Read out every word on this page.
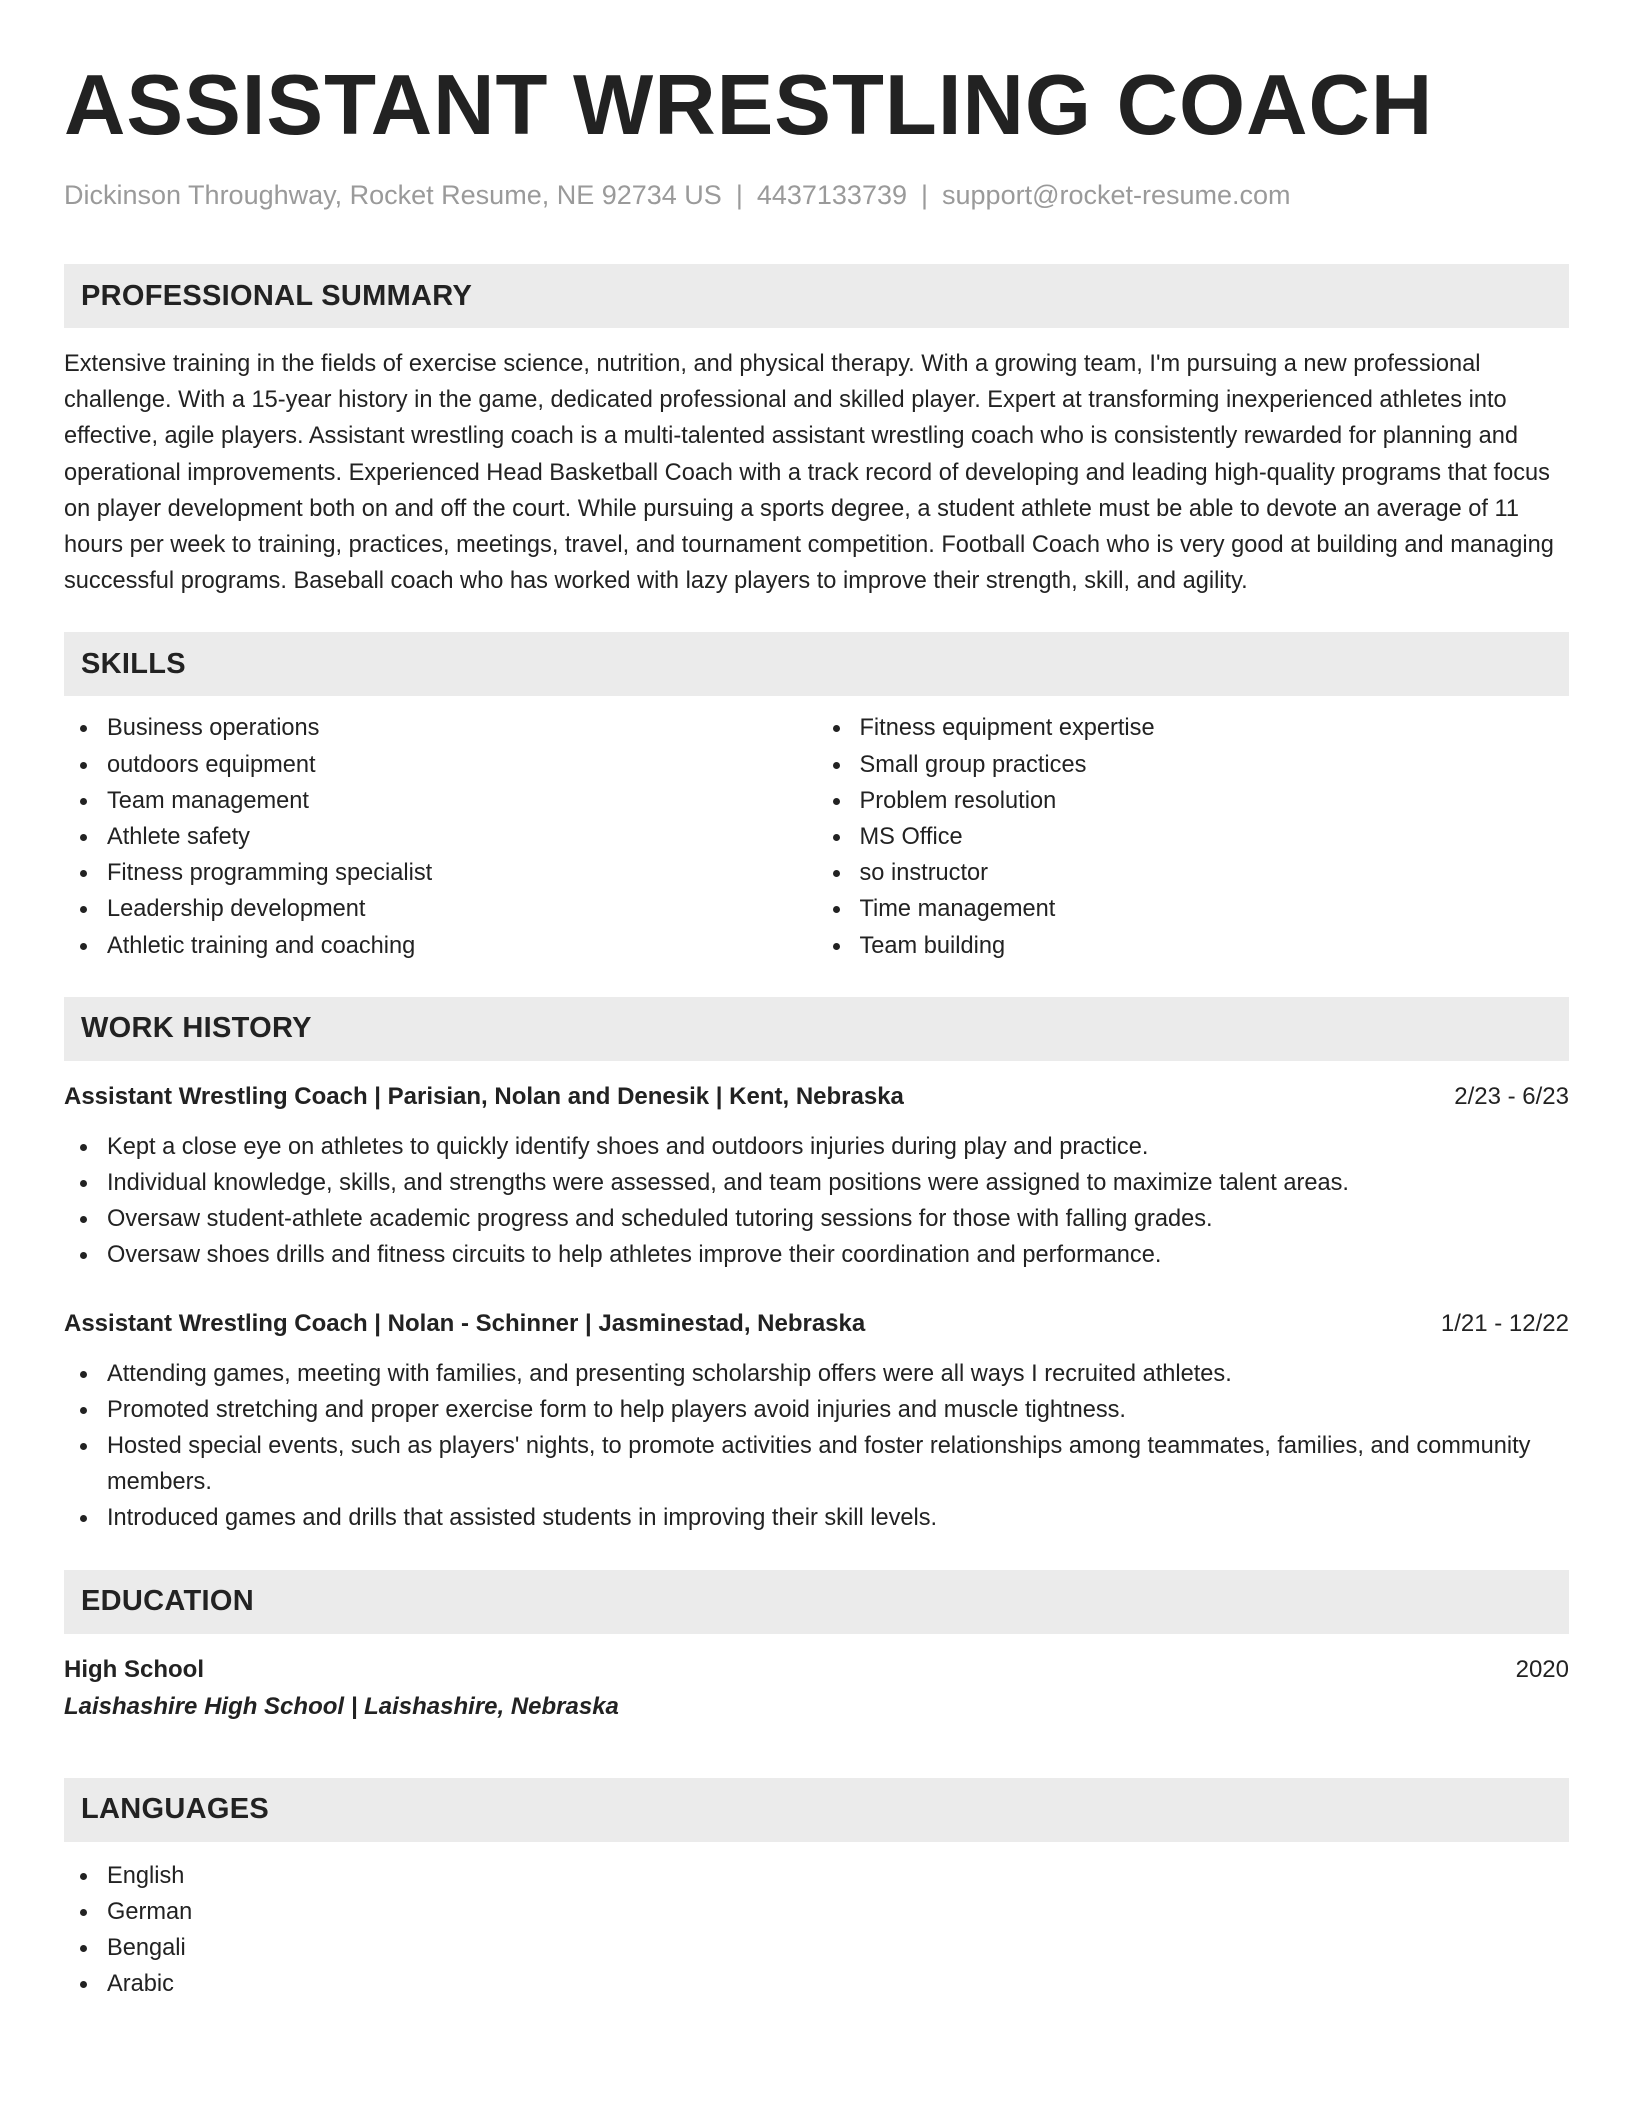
ASSISTANT WRESTLING COACH
Dickinson Throughway, Rocket Resume, NE 92734 US | 4437133739 | support@rocket-resume.com
PROFESSIONAL SUMMARY

Extensive training in the fields of exercise science, nutrition, and physical therapy. With a growing team, I'm pursuing a new professional challenge. With a 15-year history in the game, dedicated professional and skilled player. Expert at transforming inexperienced athletes into effective, agile players. Assistant wrestling coach is a multi-talented assistant wrestling coach who is consistently rewarded for planning and operational improvements. Experienced Head Basketball Coach with a track record of developing and leading high-quality programs that focus on player development both on and off the court. While pursuing a sports degree, a student athlete must be able to devote an average of 11 hours per week to training, practices, meetings, travel, and tournament competition. Football Coach who is very good at building and managing successful programs. Baseball coach who has worked with lazy players to improve their strength, skill, and agility.

SKILLS
Business operations
outdoors equipment
Team management
Athlete safety
Fitness programming specialist
Leadership development
Athletic training and coaching
Fitness equipment expertise
Small group practices
Problem resolution
MS Office
so instructor
Time management
Team building
WORK HISTORY
Assistant Wrestling Coach | Parisian, Nolan and Denesik | Kent, Nebraska	2/23 - 6/23
Kept a close eye on athletes to quickly identify shoes and outdoors injuries during play and practice.
Individual knowledge, skills, and strengths were assessed, and team positions were assigned to maximize talent areas.
Oversaw student-athlete academic progress and scheduled tutoring sessions for those with falling grades.
Oversaw shoes drills and fitness circuits to help athletes improve their coordination and performance.
Assistant Wrestling Coach | Nolan - Schinner | Jasminestad, Nebraska	1/21 - 12/22
Attending games, meeting with families, and presenting scholarship offers were all ways I recruited athletes.
Promoted stretching and proper exercise form to help players avoid injuries and muscle tightness.
Hosted special events, such as players' nights, to promote activities and foster relationships among teammates, families, and community members.
Introduced games and drills that assisted students in improving their skill levels.
EDUCATION
High School	2020
Laishashire High School | Laishashire, Nebraska
LANGUAGES
English
German
Bengali
Arabic
